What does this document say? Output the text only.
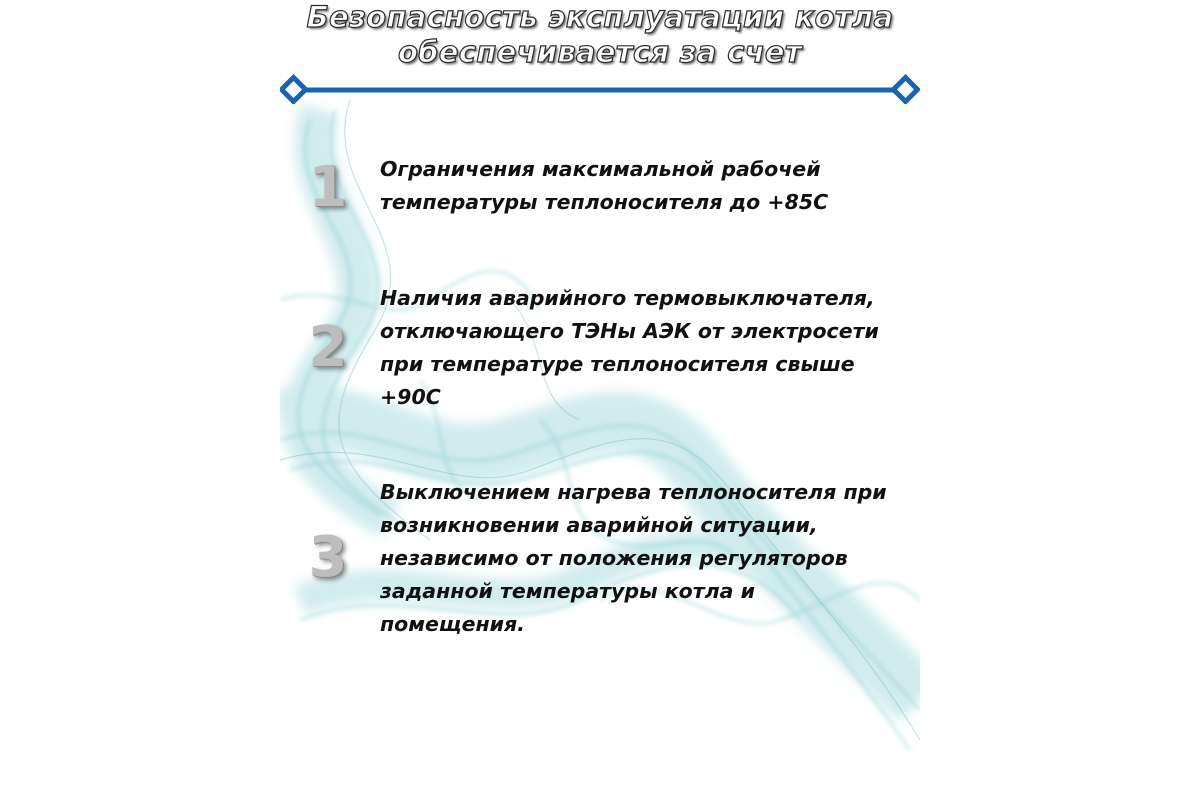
Безопасность эксплуатации котла
обеспечивается за счет
1 Ограничения максимальной рабочей
температуры теплоносителя до +85С
2
Наличия аварийного термовыключателя,
отключающего ТЭНы АЭК от электросети
при температуре теплоносителя свыше
+90С
3
Выключением нагрева теплоносителя при
возникновении аварийной ситуации,
независимо от положения регуляторов
заданной температуры котла и
помещения.
